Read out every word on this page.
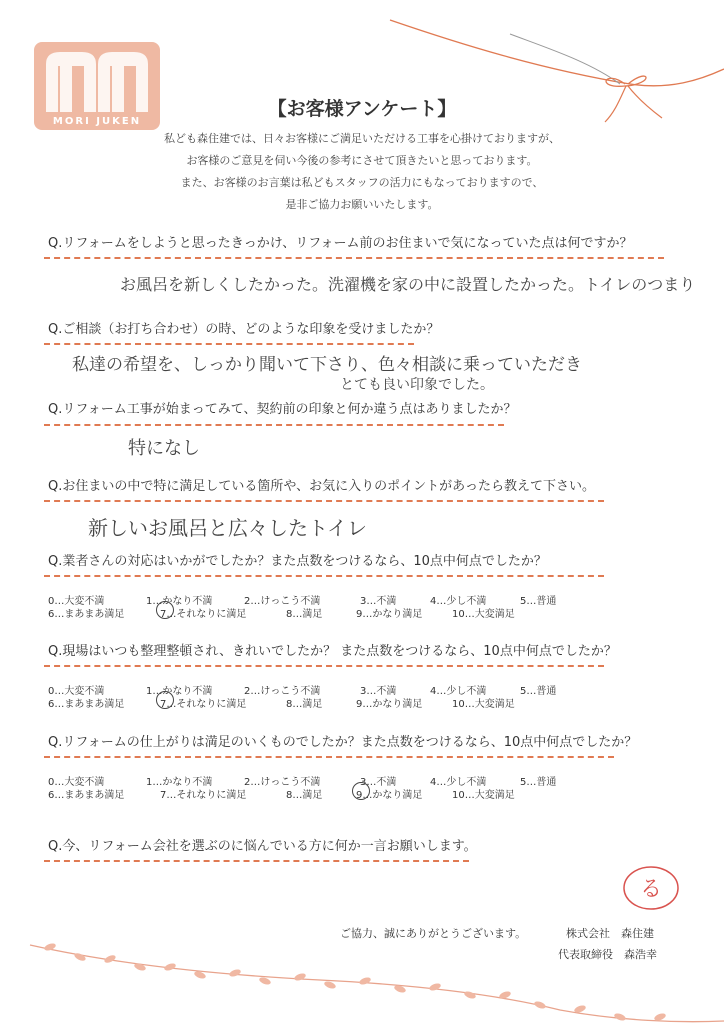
MORI JUKEN
【お客様アンケート】
私ども森住建では、日々お客様にご満足いただける工事を心掛けておりますが、
お客様のご意見を伺い今後の参考にさせて頂きたいと思っております。
また、お客様のお言葉は私どもスタッフの活力にもなっておりますので、
是非ご協力お願いいたします。
Q.リフォームをしようと思ったきっかけ、リフォーム前のお住まいで気になっていた点は何ですか？
お風呂を新しくしたかった。洗濯機を家の中に設置したかった。トイレのつまり
Q.ご相談（お打ち合わせ）の時、どのような印象を受けましたか？
私達の希望を、しっかり聞いて下さり、色々相談に乗っていただき
とても良い印象でした。
Q.リフォーム工事が始まってみて、契約前の印象と何か違う点はありましたか？
特になし
Q.お住まいの中で特に満足している箇所や、お気に入りのポイントがあったら教えて下さい。
新しいお風呂と広々したトイレ
Q.業者さんの対応はいかがでしたか？また点数をつけるなら、10点中何点でしたか？
0…大変不満	1…かなり不満	2…けっこう不満	3…不満	4…少し不満	5…普通
6…まあまあ満足	7…それなりに満足	8…満足	9…かなり満足	10…大変満足
Q.現場はいつも整理整頓され、きれいでしたか？ また点数をつけるなら、10点中何点でしたか？
0…大変不満	1…かなり不満	2…けっこう不満	3…不満	4…少し不満	5…普通
6…まあまあ満足	7…それなりに満足	8…満足	9…かなり満足	10…大変満足
Q.リフォームの仕上がりは満足のいくものでしたか？また点数をつけるなら、10点中何点でしたか？
0…大変不満	1…かなり不満	2…けっこう不満	3…不満	4…少し不満	5…普通
6…まあまあ満足	7…それなりに満足	8…満足	9…かなり満足	10…大変満足
Q.今、リフォーム会社を選ぶのに悩んでいる方に何か一言お願いします。
る
ご協力、誠にありがとうございます。	株式会社　森住建
代表取締役　森浩幸
